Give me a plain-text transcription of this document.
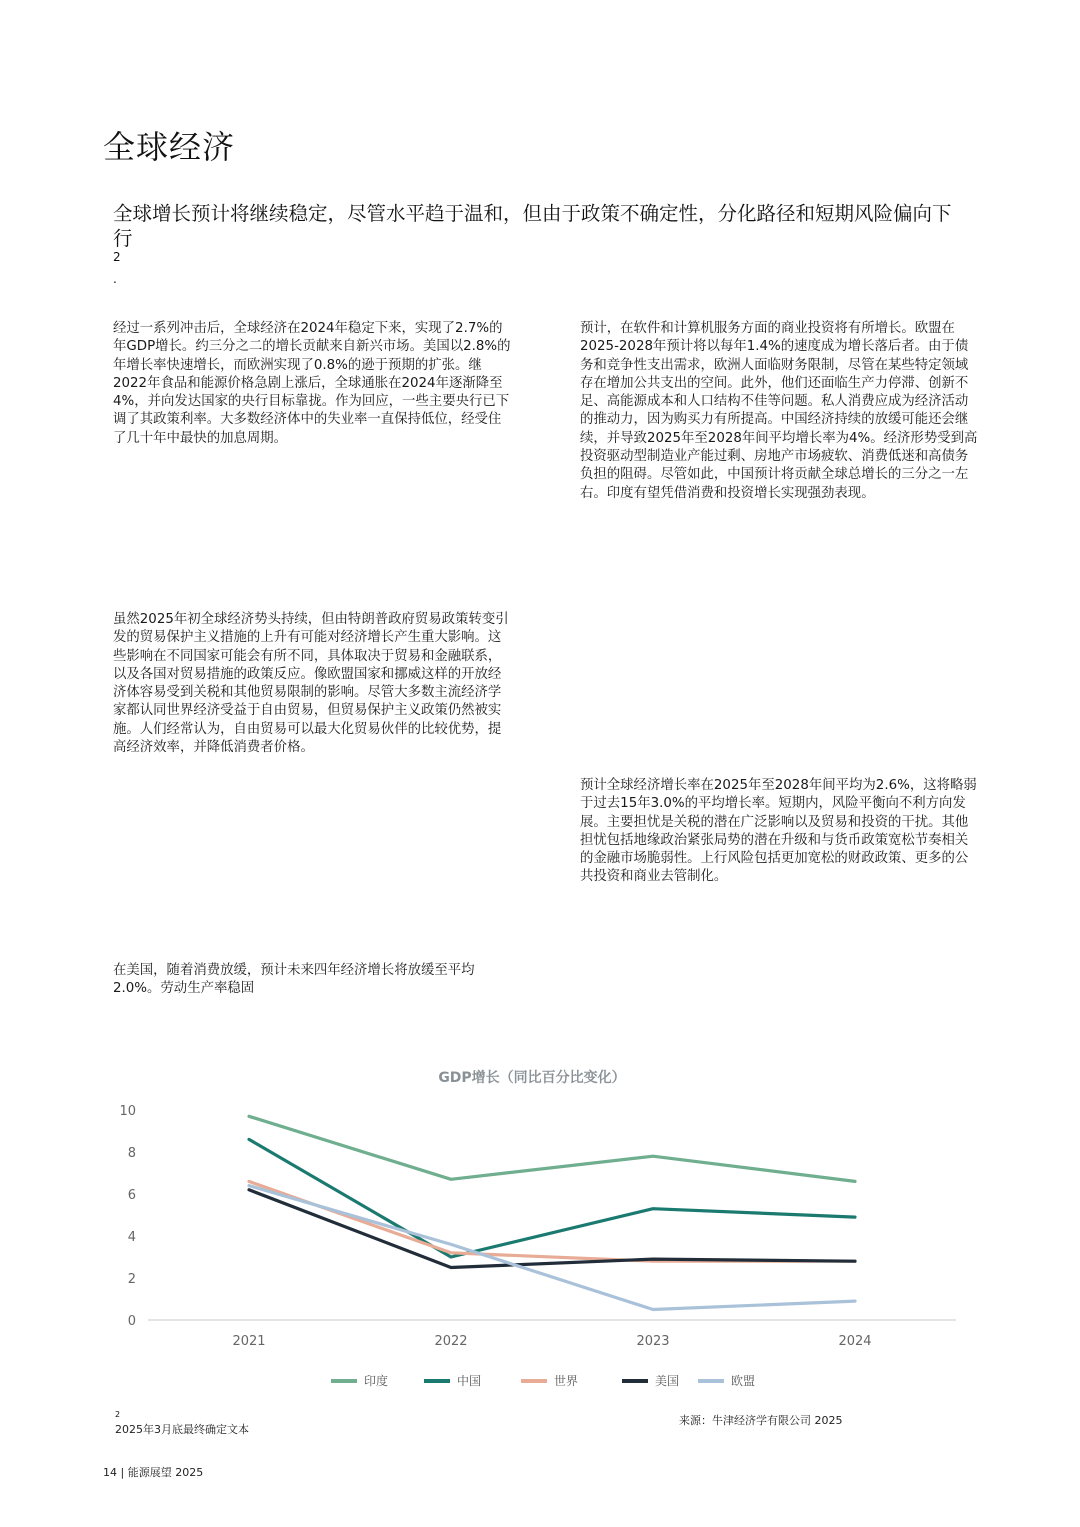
全球经济
全球增长预计将继续稳定，尽管水平趋于温和，但由于政策不确定性，分化路径和短期风险偏向下行
2
.

经过一系列冲击后，全球经济在2024年稳定下来，实现了2.7%的年GDP增长。约三分之二的增长贡献来自新兴市场。美国以2.8%的年增长率快速增长，而欧洲实现了0.8%的逊于预期的扩张。继2022年食品和能源价格急剧上涨后，全球通胀在2024年逐渐降至4%，并向发达国家的央行目标靠拢。作为回应，一些主要央行已下调了其政策利率。大多数经济体中的失业率一直保持低位，经受住了几十年中最快的加息周期。

预计，在软件和计算机服务方面的商业投资将有所增长。欧盟在2025-2028年预计将以每年1.4%的速度成为增长落后者。由于债务和竞争性支出需求，欧洲人面临财务限制，尽管在某些特定领域存在增加公共支出的空间。此外，他们还面临生产力停滞、创新不足、高能源成本和人口结构不佳等问题。私人消费应成为经济活动的推动力，因为购买力有所提高。中国经济持续的放缓可能还会继续，并导致2025年至2028年间平均增长率为4%。经济形势受到高投资驱动型制造业产能过剩、房地产市场疲软、消费低迷和高债务负担的阻碍。尽管如此，中国预计将贡献全球总增长的三分之一左右。印度有望凭借消费和投资增长实现强劲表现。

虽然2025年初全球经济势头持续，但由特朗普政府贸易政策转变引发的贸易保护主义措施的上升有可能对经济增长产生重大影响。这些影响在不同国家可能会有所不同，具体取决于贸易和金融联系，以及各国对贸易措施的政策反应。像欧盟国家和挪威这样的开放经济体容易受到关税和其他贸易限制的影响。尽管大多数主流经济学家都认同世界经济受益于自由贸易，但贸易保护主义政策仍然被实施。人们经常认为，自由贸易可以最大化贸易伙伴的比较优势，提高经济效率，并降低消费者价格。

预计全球经济增长率在2025年至2028年间平均为2.6%，这将略弱于过去15年3.0%的平均增长率。短期内，风险平衡向不利方向发展。主要担忧是关税的潜在广泛影响以及贸易和投资的干扰。其他担忧包括地缘政治紧张局势的潜在升级和与货币政策宽松节奏相关的金融市场脆弱性。上行风险包括更加宽松的财政政策、更多的公共投资和商业去管制化。

在美国，随着消费放缓，预计未来四年经济增长将放缓至平均2.0%。劳动生产率稳固

GDP增长（同比百分比变化）
0
2
4
6
8
10
2021	2022	2023	2024
印度	中国	世界	美国	欧盟
2
2025年3月底最终确定文本
来源：牛津经济学有限公司 2025
14 | 能源展望 2025
